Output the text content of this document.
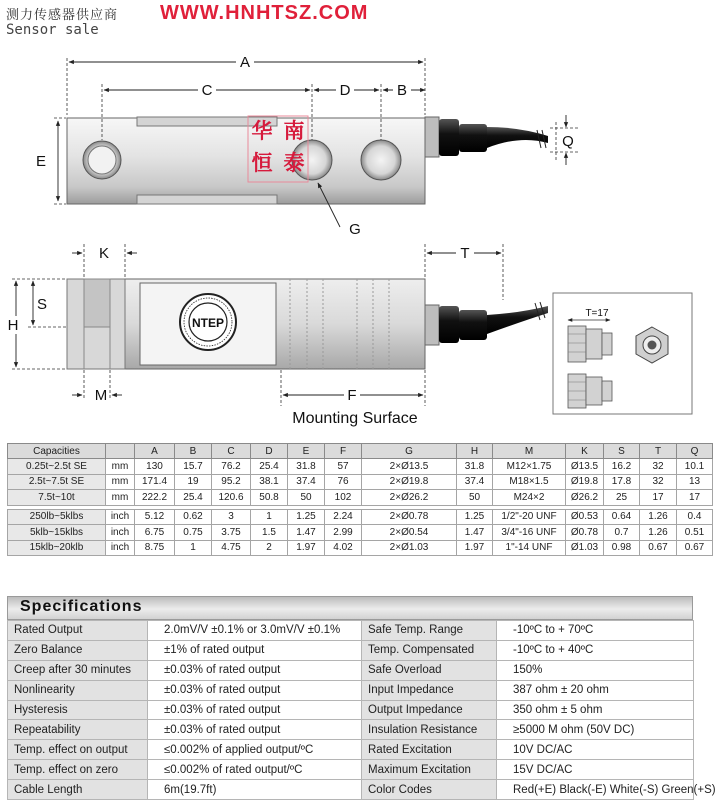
测力传感器供应商
Sensor sale
WWW.HNHTSZ.COM
华 南
恒 泰
A
C	D	B
E
Q
G
NTEP
K	T
S
H
M	F
Mounting Surface
T=17
Capacities		A	B	C	D	E	F	G	H	M	K	S	T	Q
0.25t~2.5t SE	mm	130	15.7	76.2	25.4	31.8	57	2×Ø13.5	31.8	M12×1.75	Ø13.5	16.2	32	10.1
2.5t~7.5t SE	mm	171.4	19	95.2	38.1	37.4	76	2×Ø19.8	37.4	M18×1.5	Ø19.8	17.8	32	13
7.5t~10t	mm	222.2	25.4	120.6	50.8	50	102	2×Ø26.2	50	M24×2	Ø26.2	25	17	17

250lb~5klbs	inch	5.12	0.62	3	1	1.25	2.24	2×Ø0.78	1.25	1/2"-20 UNF	Ø0.53	0.64	1.26	0.4
5klb~15klbs	inch	6.75	0.75	3.75	1.5	1.47	2.99	2×Ø0.54	1.47	3/4"-16 UNF	Ø0.78	0.7	1.26	0.51
15klb~20klb	inch	8.75	1	4.75	2	1.97	4.02	2×Ø1.03	1.97	1"-14 UNF	Ø1.03	0.98	0.67	0.67
Specifications
Rated Output	2.0mV/V ±0.1% or 3.0mV/V ±0.1%	Safe Temp. Range	-10ºC to + 70ºC
Zero Balance	±1% of rated output	Temp. Compensated	-10ºC to + 40ºC
Creep after 30 minutes	±0.03% of rated output	Safe Overload	150%
Nonlinearity	±0.03% of rated output	Input Impedance	387 ohm ± 20 ohm
Hysteresis	±0.03% of rated output	Output Impedance	350 ohm ± 5 ohm
Repeatability	±0.03% of rated output	Insulation Resistance	≥5000 M ohm (50V DC)
Temp. effect on output	≤0.002% of applied output/ºC	Rated Excitation	10V DC/AC
Temp. effect on zero	≤0.002% of rated output/ºC	Maximum Excitation	15V DC/AC
Cable Length	6m(19.7ft)	Color Codes	Red(+E) Black(-E) White(-S) Green(+S)
